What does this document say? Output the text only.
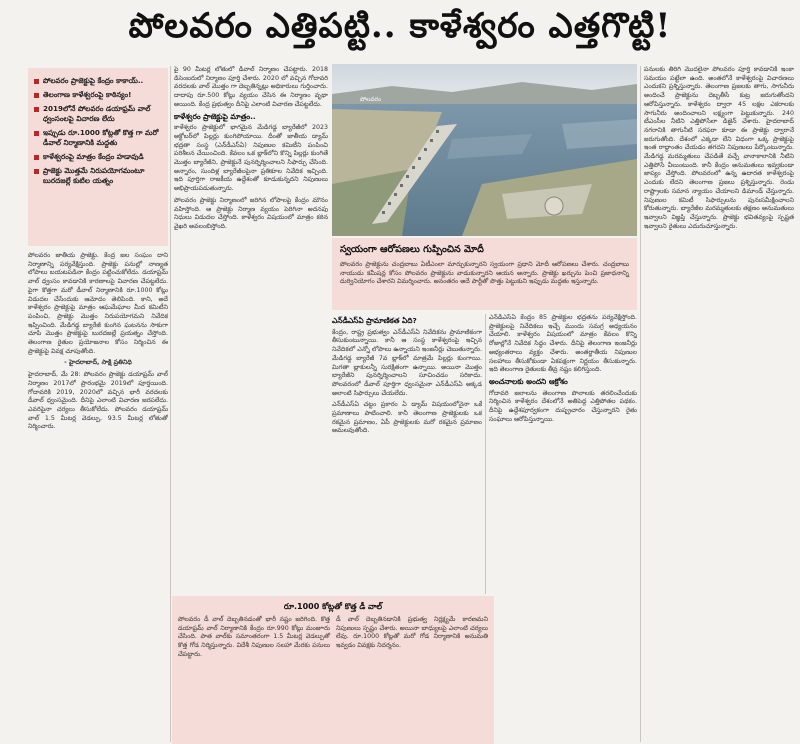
పోలవరం ఎత్తిపట్టి.. కాళేశ్వరం ఎత్తగొట్టి!
పోలవరం ప్రాజెక్టుపై కేంద్రం కాకాయ్‌..
తెలంగాణ కాళేశ్వరంపై కాఠిన్యం!
2019లోనే పోలవరం డయాఫ్రమ్‌ వాల్ ధ్వంసంలపై విచారణ లేదు
ఇప్పుడు రూ.1000 కోట్లతో కొత్త గా మరో డీవాల్ నిర్మాణానికి మద్దతు
కాళేశ్వరంపై మాత్రం కేంద్రం హడావుడి
ప్రాజెక్టు మొత్తమే నిరుపయోగమంటూ బురదజల్లే కుటిల యత్నం

పోలవరం జాతీయ ప్రాజెక్టు. కేంద్ర జల సంఘం దాని నిర్మాణాన్ని పర్యవేక్షిస్తుంది. ప్రాజెక్టు పనుల్లో నాణ్యత లోపాలు బయటపడినా కేంద్రం పట్టించుకోలేదు. డయాఫ్రమ్ వాల్ ధ్వంసం కావడానికి కారణాలపై విచారణ చేపట్టలేదు. పైగా కొత్తగా మరో డీవాల్ నిర్మాణానికి రూ.1000 కోట్లు విడుదల చేసేందుకు ఆమోదం తెలిపింది. కాని, అదే కాళేశ్వరం ప్రాజెక్టుపై మాత్రం ఆఘమేఘాల మీద కమిటీని పంపించి, ప్రాజెక్టు మొత్తం నిరుపయోగమని నివేదిక ఇప్పించింది. మేడిగడ్డ బ్యారేజీ కుంగిన ఘటనను సాకుగా చూపి మొత్తం ప్రాజెక్టుపై బురదజల్లే ప్రయత్నం చేస్తోంది. తెలంగాణ రైతుల ప్రయోజనాల కోసం నిర్మించిన ఈ ప్రాజెక్టుపై వివక్ష చూపుతోంది.

- హైదరాబాద్, సాక్షి ప్రతినిధి

హైదరాబాద్, మే 28: పోలవరం ప్రాజెక్టు డయాఫ్రమ్ వాల్ నిర్మాణం 2017లో ప్రారంభమై 2019లో పూర్తయింది. గోదావరికి 2019, 2020లో వచ్చిన భారీ వరదలకు డీవాల్ ధ్వంసమైంది. దీనిపై ఎలాంటి విచారణ జరపలేదు. ఎవరిపైనా చర్యలు తీసుకోలేదు. పోలవరం డయాఫ్రమ్ వాల్ 1.5 మీటర్ల వెడల్పు, 93.5 మీటర్ల లోతుతో నిర్మించారు.

పై 90 మీటర్ల లోతులో డీవాల్ నిర్మాణం చేపట్టారు. 2018 డిసెంబరులో నిర్మాణం పూర్తి చేశారు. 2020 లో వచ్చిన గోదావరి వరదలకు వాల్ మొత్తం గా దెబ్బతిన్నట్లు అధికారులు గుర్తించారు. దాదాపు రూ.500 కోట్లు వ్యయం చేసిన ఈ నిర్మాణం వృథా అయింది. కేంద్ర ప్రభుత్వం దీనిపై ఎలాంటి విచారణ చేపట్టలేదు.

కాళేశ్వరం ప్రాజెక్టుపై మాత్రం..

కాళేశ్వరం ప్రాజెక్టులో భాగమైన మేడిగడ్డ బ్యారేజీలో 2023 అక్టోబర్‌లో పిల్లర్లు కుంగిపోయాయి. దీంతో జాతీయ డ్యామ్ భద్రతా సంస్థ (ఎన్‌డీఎస్‌ఏ) నిపుణుల కమిటీని పంపించి పరిశీలన చేయించింది. కేవలం ఒక బ్లాక్‌లోని కొన్ని పిల్లర్లు కుంగితే మొత్తం బ్యారేజీని, ప్రాజెక్టునే పునర్నిర్మించాలని సిఫార్సు చేసింది. అన్నారం, సుందిళ్ల బ్యారేజీలపైనా ప్రతికూల నివేదిక ఇచ్చింది. ఇది పూర్తిగా రాజకీయ ఉద్దేశంతో కూడుకున్నదని నిపుణులు అభిప్రాయపడుతున్నారు.

పోలవరం ప్రాజెక్టు నిర్మాణంలో జరిగిన లోపాలపై కేంద్రం మౌనం వహిస్తోంది. ఆ ప్రాజెక్టు నిర్మాణ వ్యయం పెరిగినా అదనపు నిధులు విడుదల చేస్తోంది. కాళేశ్వరం విషయంలో మాత్రం కఠిన వైఖరి అవలంబిస్తోంది.

పోలవరం
స్వయంగా ఆరోపణలు గుప్పించిన మోదీ
పోలవరం ప్రాజెక్టును చంద్రబాబు ఏటీఎంలా మార్చుకున్నారని స్వయంగా ప్రధాని మోదీ ఆరోపణలు చేశారు. చంద్రబాబు నాయుడు కమీషన్ల కోసం పోలవరం ప్రాజెక్టును వాడుకున్నారని ఆయన అన్నారు. ప్రాజెక్టు ఖర్చును పెంచి ప్రజాధనాన్ని దుర్వినియోగం చేశారని విమర్శించారు. అనంతరం అదే పార్టీతో పొత్తు పెట్టుకుని ఇప్పుడు మద్దతు ఇస్తున్నారు.
రూ.1000 కోట్లతో కొత్త డీ వాల్
పోలవరం డీ వాల్ దెబ్బతినడంతో భారీ నష్టం జరిగింది. కొత్త డయాఫ్రమ్ వాల్ నిర్మాణానికి కేంద్రం రూ.990 కోట్లు మంజూరు చేసింది. పాత వాల్‌కు సమాంతరంగా 1.5 మీటర్ల వెడల్పుతో కొత్త గోడ నిర్మిస్తున్నారు. విదేశీ నిపుణుల సలహా మేరకు పనులు చేపట్టారు.
డీ వాల్ దెబ్బతినడానికి ప్రభుత్వ నిర్లక్ష్యమే కారణమని నిపుణులు స్పష్టం చేశారు. అయినా బాధ్యులపై ఎలాంటి చర్యలు లేవు. రూ.1000 కోట్లతో మరో గోడ నిర్మాణానికి అనుమతి ఇవ్వడం వివక్షకు నిదర్శనం.
ఎన్‌డీఎస్‌ఏ ప్రామాణికత ఏది?

కేంద్రం, రాష్ట్ర ప్రభుత్వం ఎన్‌డీఎస్‌ఏ నివేదికను ప్రామాణికంగా తీసుకుంటున్నాయి. కానీ ఆ సంస్థ కాళేశ్వరంపై ఇచ్చిన నివేదికలో ఎన్నో లోపాలు ఉన్నాయని ఇంజనీర్లు చెబుతున్నారు. మేడిగడ్డ బ్యారేజీ 7వ బ్లాక్‌లో మాత్రమే పిల్లర్లు కుంగాయి. మిగతా బ్లాకులన్నీ సురక్షితంగా ఉన్నాయి. అయినా మొత్తం బ్యారేజీని పునర్నిర్మించాలని సూచించడం సరికాదు. పోలవరంలో డీవాల్ పూర్తిగా ధ్వంసమైనా ఎన్‌డీఎస్‌ఏ అక్కడ అలాంటి సిఫార్సులు చేయలేదు.

ఎన్‌డీఎస్‌ఏ చట్టం ప్రకారం ఏ డ్యామ్ విషయంలోనైనా ఒకే ప్రమాణాలు పాటించాలి. కానీ తెలంగాణ ప్రాజెక్టులకు ఒక రకమైన ప్రమాణం, ఏపీ ప్రాజెక్టులకు మరో రకమైన ప్రమాణం అమలవుతోంది.

ఎన్‌డీఎస్‌ఏ కేంద్రం 85 ప్రాజెక్టుల భద్రతను పర్యవేక్షిస్తోంది. ప్రాజెక్టులపై నివేదికలు ఇచ్చే ముందు సమగ్ర అధ్యయనం చేయాలి. కాళేశ్వరం విషయంలో మాత్రం కేవలం కొన్ని రోజుల్లోనే నివేదిక సిద్ధం చేశారు. దీనిపై తెలంగాణ ఇంజనీర్లు అభ్యంతరాలు వ్యక్తం చేశారు. అంతర్జాతీయ నిపుణుల సలహాలు తీసుకోకుండా ఏకపక్షంగా నిర్ణయం తీసుకున్నారు. ఇది తెలంగాణ రైతులకు తీవ్ర నష్టం కలిగిస్తుంది.

అంచనాలకు అందని ఆక్రోశం

గోదావరి జలాలను తెలంగాణ పొలాలకు తరలించేందుకు నిర్మించిన కాళేశ్వరం దేశంలోనే అతిపెద్ద ఎత్తిపోతల పథకం. దీనిపై ఉద్దేశపూర్వకంగా దుష్ప్రచారం చేస్తున్నారని రైతు సంఘాలు ఆరోపిస్తున్నాయి.

పనులకు తిరిగి మొదలైనా పోలవరం పూర్తి కావడానికి ఇంకా సమయం పట్టేలా ఉంది. అంతలోనే కాళేశ్వరంపై విచారణలు ఎందుకని ప్రశ్నిస్తున్నారు. తెలంగాణ ప్రజలకు తాగు, సాగునీరు అందించే ప్రాజెక్టును దెబ్బతీసే కుట్ర జరుగుతోందని ఆరోపిస్తున్నారు. కాళేశ్వరం ద్వారా 45 లక్షల ఎకరాలకు సాగునీరు అందించాలని లక్ష్యంగా పెట్టుకున్నారు. 240 టీఎంసీల నీటిని ఎత్తిపోసేలా డిజైన్ చేశారు. హైదరాబాద్ నగరానికి తాగునీటి సరఫరా కూడా ఈ ప్రాజెక్టు ద్వారానే జరుగుతోంది. దేశంలో ఎక్కడా లేని విధంగా ఒక్క ప్రాజెక్టుపై ఇంత రాద్ధాంతం చేయడం తగదని నిపుణులు పేర్కొంటున్నారు. మేడిగడ్డ మరమ్మతులు చేపడితే వచ్చే వానాకాలానికి నీటిని ఎత్తిపోసే వీలుంటుంది. కానీ కేంద్రం అనుమతులు ఇవ్వకుండా జాప్యం చేస్తోంది. పోలవరంలో ఉన్న ఉదారత కాళేశ్వరంపై ఎందుకు లేదని తెలంగాణ ప్రజలు ప్రశ్నిస్తున్నారు. రెండు రాష్ట్రాలకు సమాన న్యాయం చేయాలని డిమాండ్ చేస్తున్నారు. నిపుణుల కమిటీ సిఫార్సులను పునఃసమీక్షించాలని కోరుతున్నారు. బ్యారేజీల మరమ్మతులకు తక్షణం అనుమతులు ఇవ్వాలని విజ్ఞప్తి చేస్తున్నారు. ప్రాజెక్టు భవితవ్యంపై స్పష్టత ఇవ్వాలని రైతులు ఎదురుచూస్తున్నారు.
